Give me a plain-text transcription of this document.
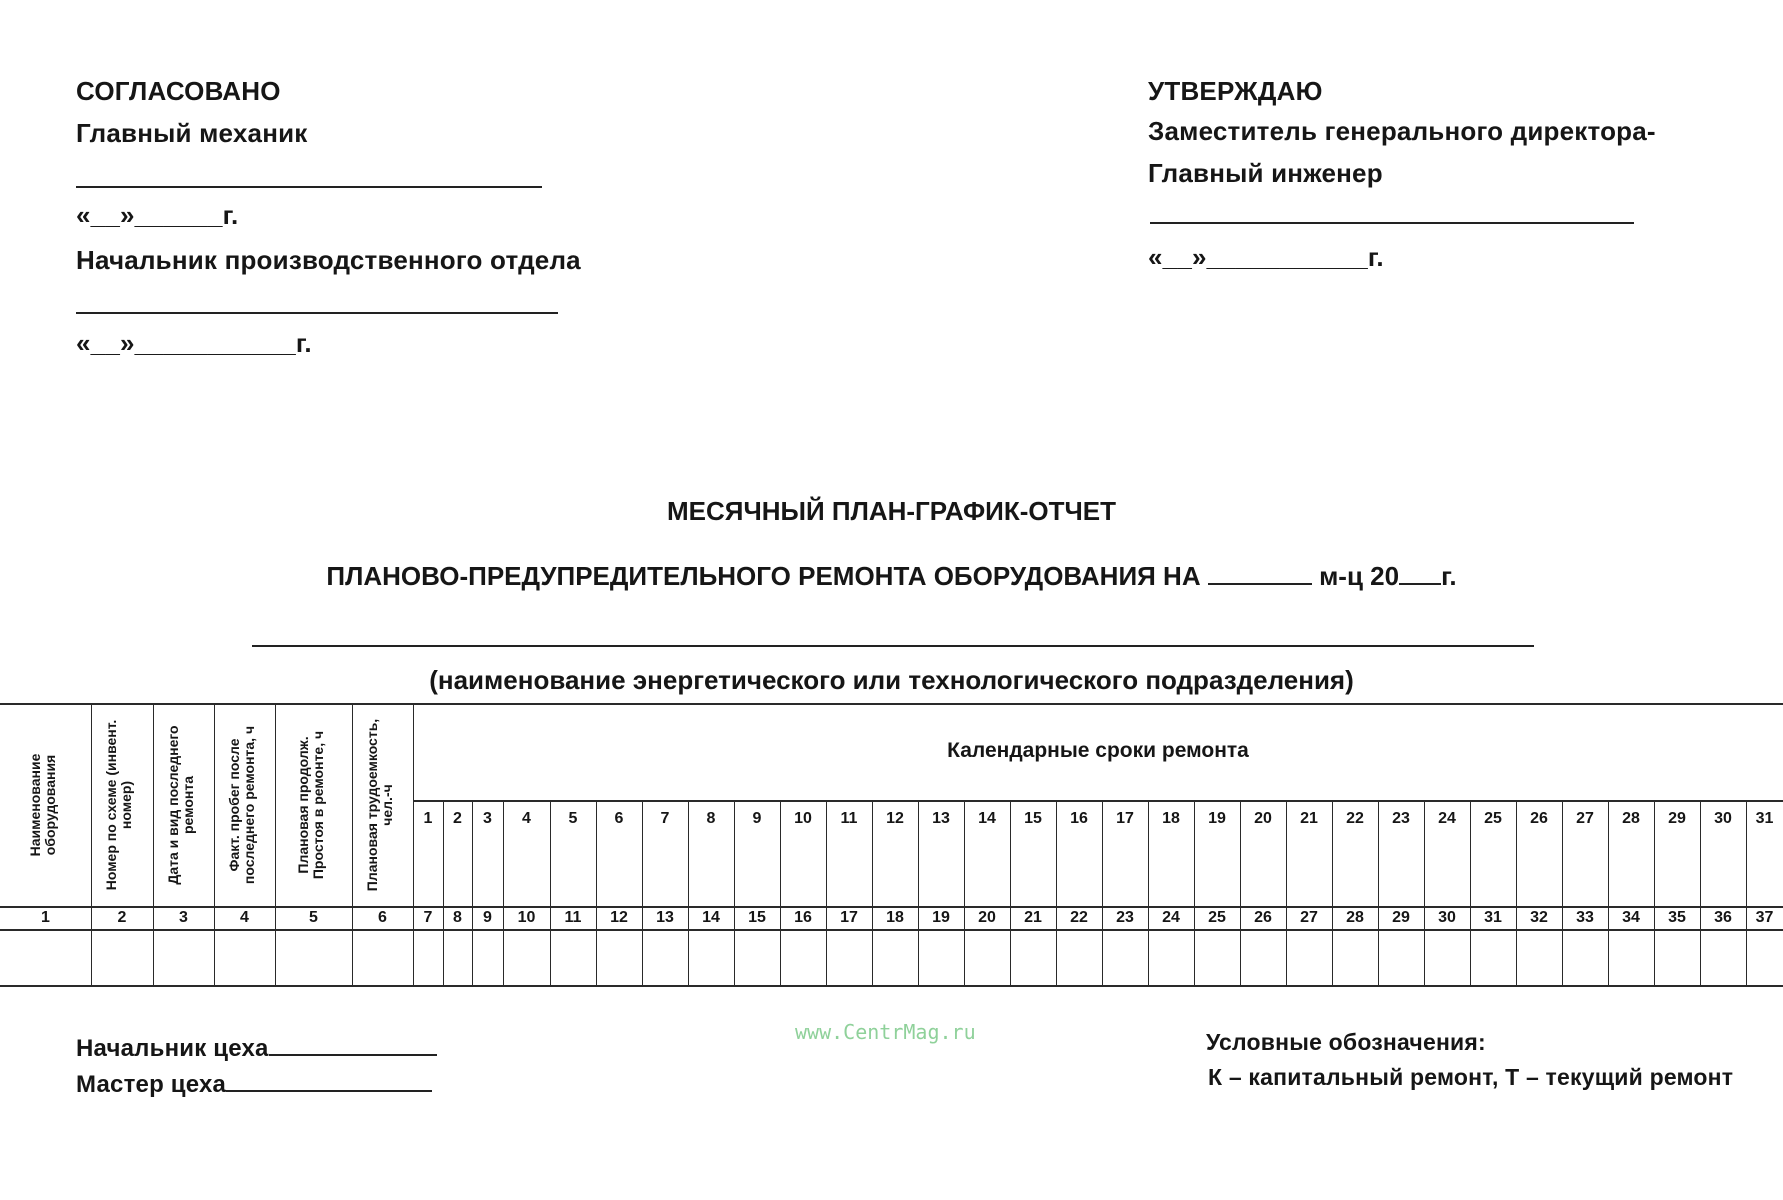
СОГЛАСОВАНО
Главный механик
«__»______г.
Начальник производственного отдела
«__»___________г.
УТВЕРЖДАЮ
Заместитель генерального директора-
Главный инженер
«__»___________г.
МЕСЯЧНЫЙ ПЛАН-ГРАФИК-ОТЧЕТ
ПЛАНОВО-ПРЕДУПРЕДИТЕЛЬНОГО РЕМОНТА ОБОРУДОВАНИЯ НА	м-ц 20 г.
(наименование энергетического или технологического подразделения)
Наименование оборудования	Номер по схеме (инвент. номер)	Дата и вид последнего ремонта	Факт. пробег после последнего ремонта, ч	Плановая продолж. Простоя в ремонте, ч	Плановая трудоемкость, чел.-ч
Календарные сроки ремонта
1	2	3	4	5	6	7	8	9	10	11	12	13	14	15	16	17	18	19	20	21	22	23	24	25	26	27	28	29	30	31
1	2	3	4	5	6	7	8	9	10	11	12	13	14	15	16	17	18	19	20	21	22	23	24	25	26	27	28	29	30	31	32	33	34	35	36	37
Начальник цеха
Мастер цеха
www.CentrMag.ru	Условные обозначения:
К – капитальный ремонт, Т – текущий ремонт
